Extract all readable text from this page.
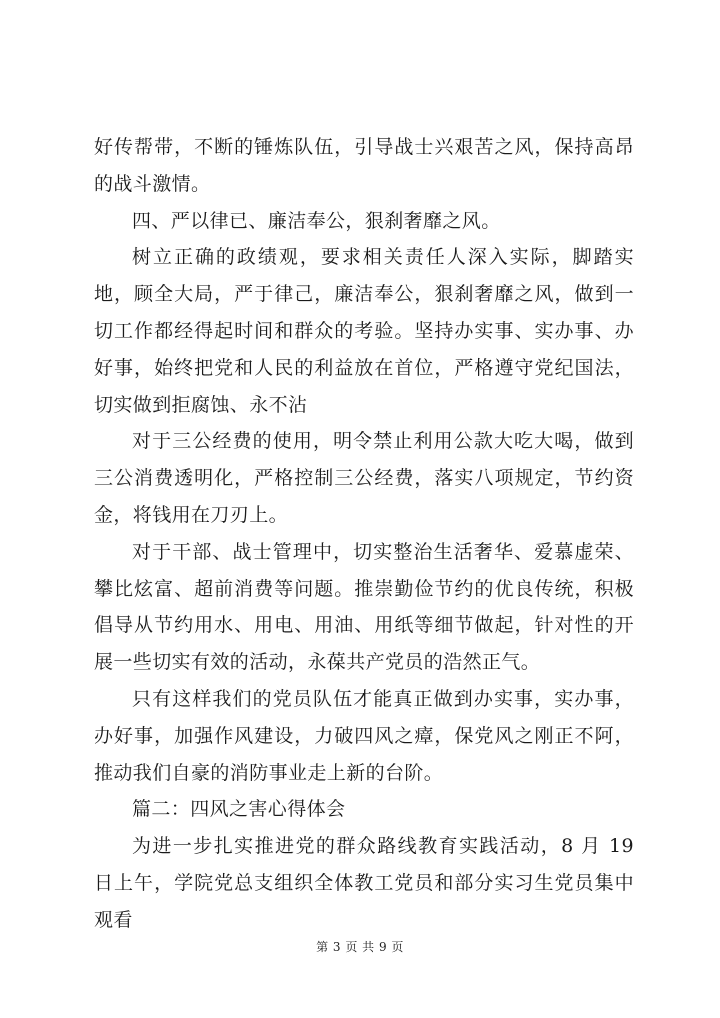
好传帮带，不断的锤炼队伍，引导战士兴艰苦之风，保持高昂的战斗激情。

四、严以律已、廉洁奉公，狠刹奢靡之风。

树立正确的政绩观，要求相关责任人深入实际，脚踏实地，顾全大局，严于律己，廉洁奉公，狠刹奢靡之风，做到一切工作都经得起时间和群众的考验。坚持办实事、实办事、办好事，始终把党和人民的利益放在首位，严格遵守党纪国法，切实做到拒腐蚀、永不沾

对于三公经费的使用，明令禁止利用公款大吃大喝，做到三公消费透明化，严格控制三公经费，落实八项规定，节约资金，将钱用在刀刃上。

对于干部、战士管理中，切实整治生活奢华、爱慕虚荣、攀比炫富、超前消费等问题。推崇勤俭节约的优良传统，积极倡导从节约用水、用电、用油、用纸等细节做起，针对性的开展一些切实有效的活动，永葆共产党员的浩然正气。

只有这样我们的党员队伍才能真正做到办实事，实办事，办好事，加强作风建设，力破四风之瘴，保党风之刚正不阿，推动我们自豪的消防事业走上新的台阶。

篇二：四风之害心得体会

为进一步扎实推进党的群众路线教育实践活动，8 月 19 日上午，学院党总支组织全体教工党员和部分实习生党员集中观看

第 3 页 共 9 页
